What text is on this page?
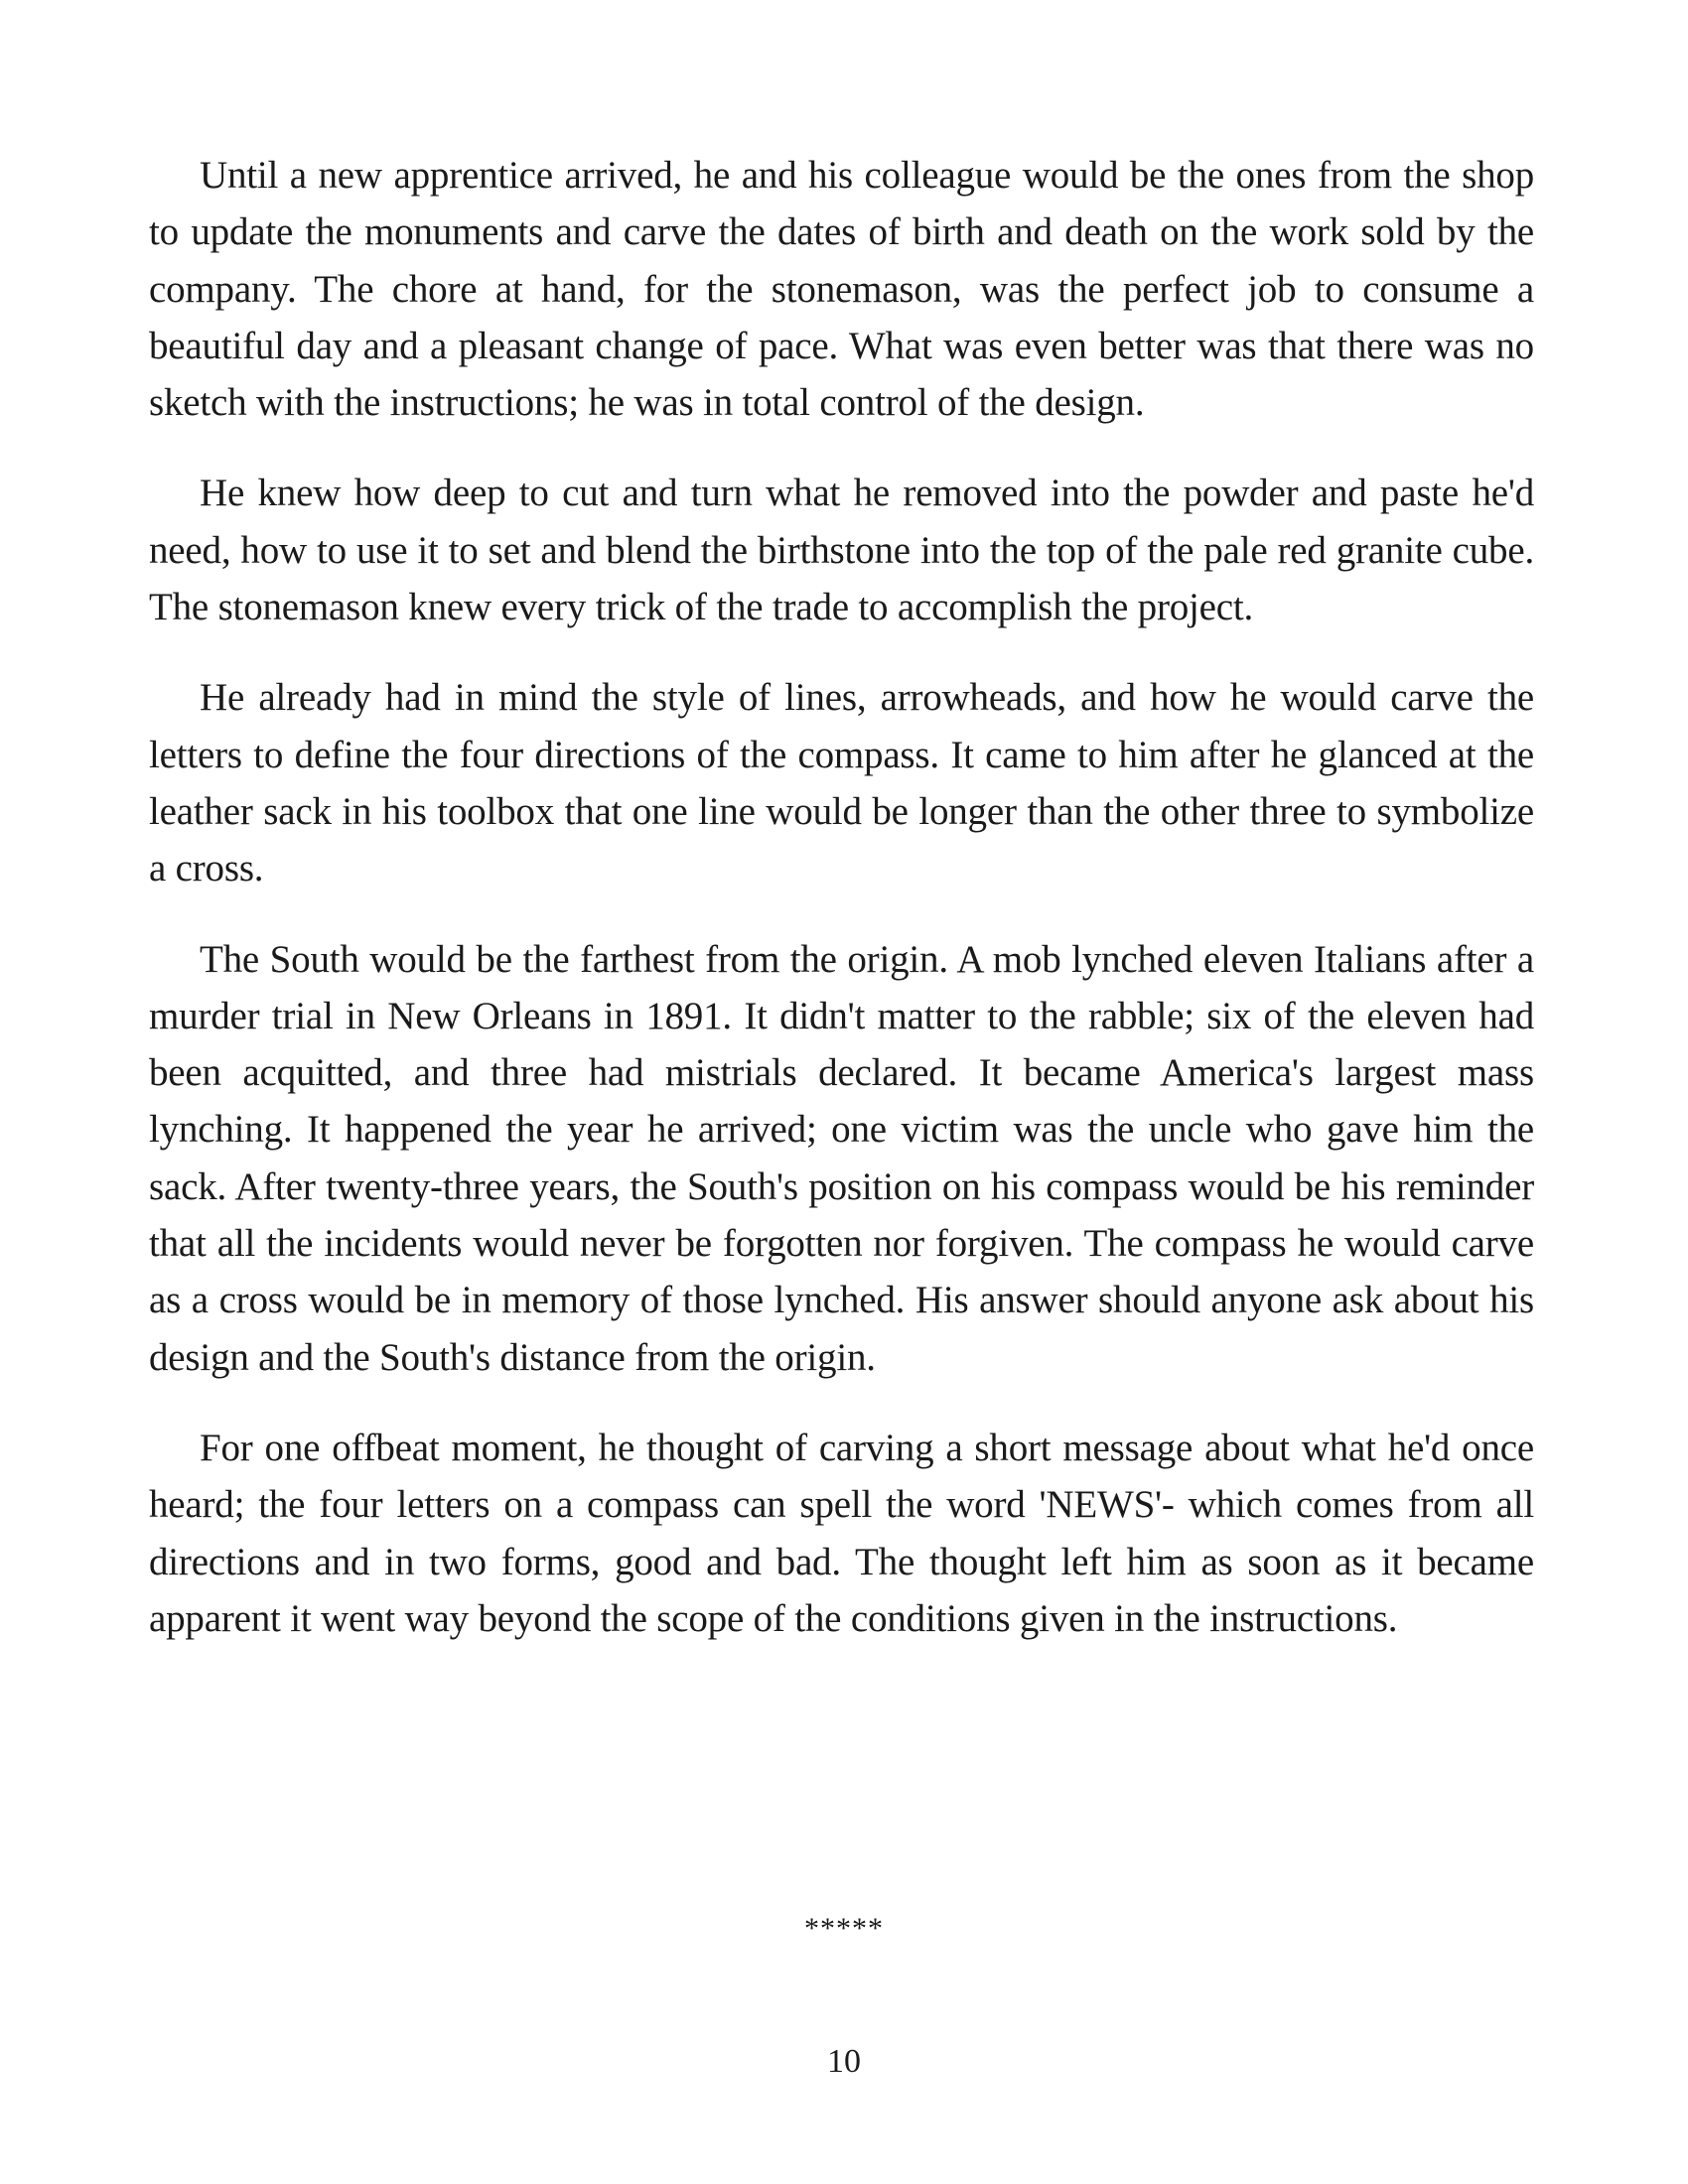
Until a new apprentice arrived, he and his colleague would be the ones from the shop to update the monuments and carve the dates of birth and death on the work sold by the company. The chore at hand, for the stonemason, was the perfect job to consume a beautiful day and a pleasant change of pace. What was even better was that there was no sketch with the instructions; he was in total control of the design.

He knew how deep to cut and turn what he removed into the powder and paste he'd need, how to use it to set and blend the birthstone into the top of the pale red granite cube. The stonemason knew every trick of the trade to accomplish the project.

He already had in mind the style of lines, arrowheads, and how he would carve the letters to define the four directions of the compass. It came to him after he glanced at the leather sack in his toolbox that one line would be longer than the other three to symbolize a cross.

The South would be the farthest from the origin. A mob lynched eleven Italians after a murder trial in New Orleans in 1891. It didn't matter to the rabble; six of the eleven had been acquitted, and three had mistrials declared. It became America's largest mass lynching. It happened the year he arrived; one victim was the uncle who gave him the sack. After twenty-three years, the South's position on his compass would be his reminder that all the incidents would never be forgotten nor forgiven. The compass he would carve as a cross would be in memory of those lynched. His answer should anyone ask about his design and the South's distance from the origin.

For one offbeat moment, he thought of carving a short message about what he'd once heard; the four letters on a compass can spell the word 'NEWS'- which comes from all directions and in two forms, good and bad. The thought left him as soon as it became apparent it went way beyond the scope of the conditions given in the instructions.

*****
10
